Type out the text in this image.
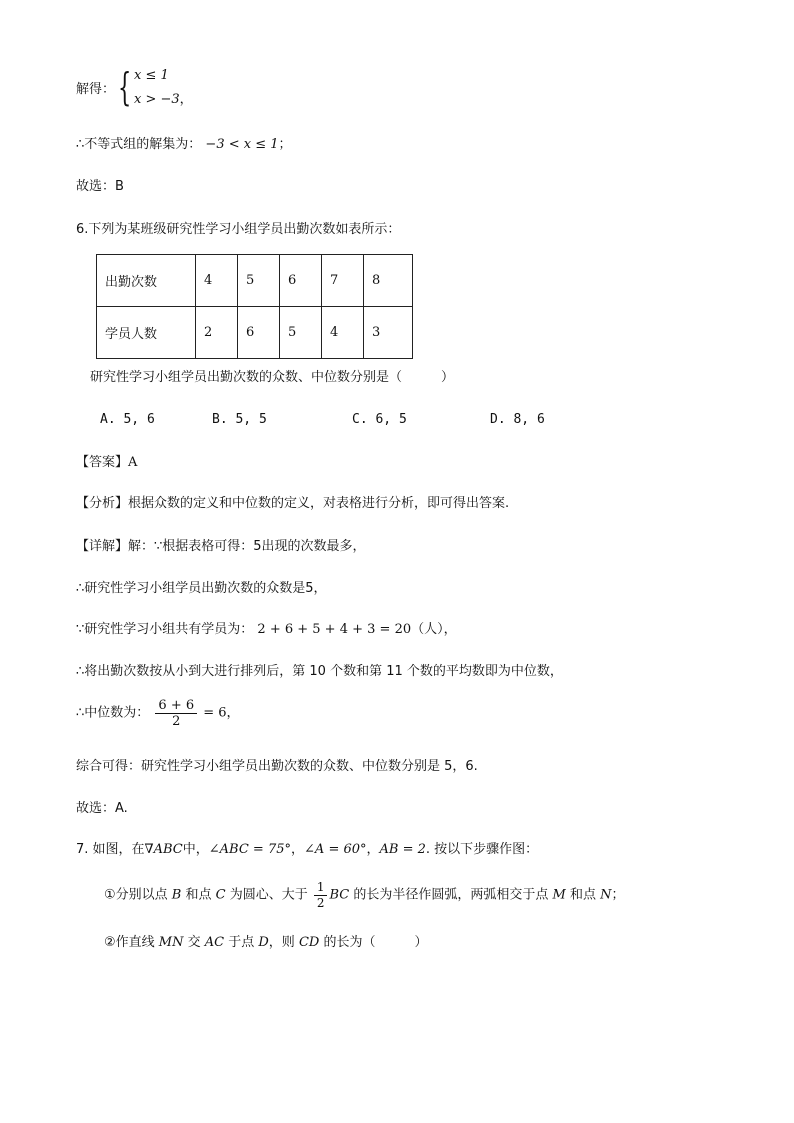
解得： { x ≤ 1
x > −3，
∴不等式组的解集为： −3 < x ≤ 1；
故选：B
6.下列为某班级研究性学习小组学员出勤次数如表所示：
出勤次数	4	5	6	7	8
学员人数	2	6	5	4	3
研究性学习小组学员出勤次数的众数、中位数分别是（　　　）
A. 5, 6	B. 5, 5	C. 6, 5	D. 8, 6
【答案】A
【分析】根据众数的定义和中位数的定义，对表格进行分析，即可得出答案.
【详解】解：∵根据表格可得：5出现的次数最多，
∴研究性学习小组学员出勤次数的众数是5，
∵研究性学习小组共有学员为： 2 + 6 + 5 + 4 + 3 = 20（人），
∴将出勤次数按从小到大进行排列后，第 10 个数和第 11 个数的平均数即为中位数，
∴中位数为： $\frac{6 + 6}{2} = 6$，
综合可得：研究性学习小组学员出勤次数的众数、中位数分别是 5，6.
故选：A.
7. 如图，在∇ABC中，∠ABC = 75°，∠A = 60°，AB = 2. 按以下步骤作图：
①分别以点 B 和点 C 为圆心、大于 $\frac{1}{2}$ BC 的长为半径作圆弧，两弧相交于点 M 和点 N；
②作直线 MN 交 AC 于点 D，则 CD 的长为（　　　）
